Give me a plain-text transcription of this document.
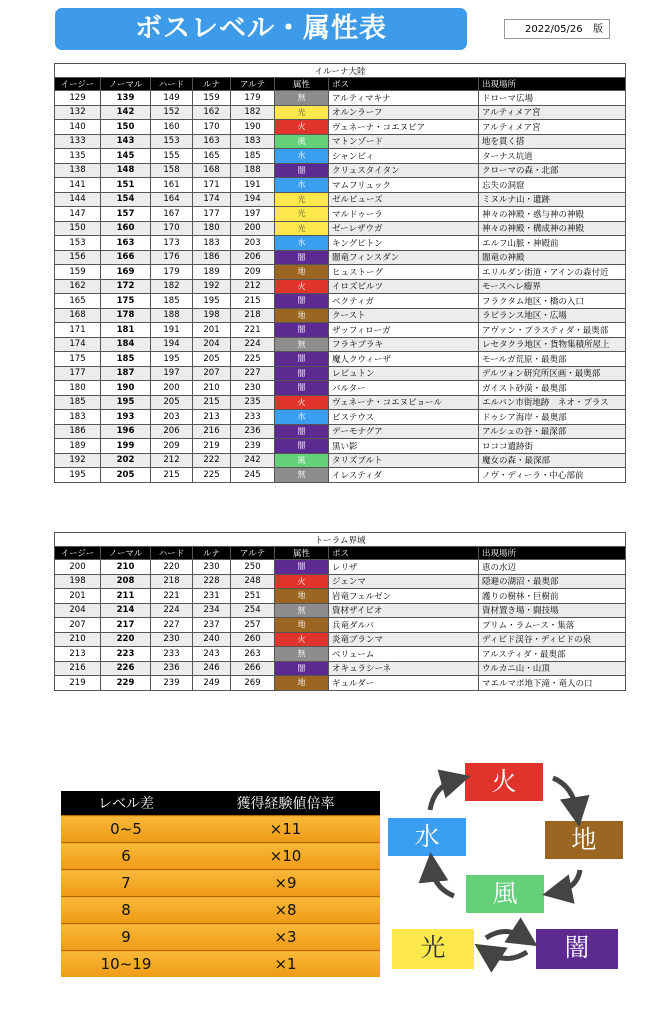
ボスレベル・属性表	2022/05/26 版
イルーナ大陸							
イージー	ノーマル	ハード	ルナ	アルテ	属性	ボス	出現場所
129	139	149	159	179	無	アルティマキナ	ドローマ広場
132	142	152	162	182	光	オルンラーフ	アルティメア宮
140	150	160	170	190	火	ヴェネーナ・コエヌビア	アルティメア宮
133	143	153	163	183	風	マトンゾード	地を貫く搭
135	145	155	165	185	水	シャンビィ	ターナス坑道
138	148	158	168	188	闇	クリュスタイタン	クローマの森・北部
141	151	161	171	191	水	マムフリュック	忘失の洞窟
144	154	164	174	194	光	ゼルビューズ	ミヌルナ山・遺跡
147	157	167	177	197	光	マルドゥーラ	神々の神殿・惑与神の神殿
150	160	170	180	200	光	ゼーレザウガ	神々の神殿・構成神の神殿
153	163	173	183	203	水	キングピトン	エルフ山脈・神殿前
156	166	176	186	206	闇	闇竜フィンスダン	闇竜の神殿
159	169	179	189	209	地	ヒュストーグ	エリルダン街道・アインの森付近
162	172	182	192	212	火	イロズビルツ	モースヘレ瘤界
165	175	185	195	215	闇	ベクティガ	フラクタム地区・橋の入口
168	178	188	198	218	地	クースト	ラビランス地区・広場
171	181	191	201	221	闇	ザッフィローガ	アヴァン・プラスティダ・最奥部
174	184	194	204	224	無	フラキブラキ	レセタクラ地区・貨物集積所屋上
175	185	195	205	225	闇	魔人クウィーザ	モールガ荒原・最奥部
177	187	197	207	227	闇	レビュトン	デルツォン研究所区画・最奥部
180	190	200	210	230	闇	バルター	ガイスト砂漠・最奥部
185	195	205	215	235	火	ヴェネーナ・コエヌビョール	エルバン市街地跡　ネオ・プラス
183	193	203	213	233	水	ピステウス	ドゥシア海岸・最奥部
186	196	206	216	236	闇	デーモナグア	アルシュの谷・最深部
189	199	209	219	239	闇	黒い影	ロココ遺跡街
192	202	212	222	242	風	タリズブルト	魔女の森・最深部
195	205	215	225	245	無	イレスティダ	ノヴ・ディーラ・中心部前
トーラム界域							
イージー	ノーマル	ハード	ルナ	アルテ	属性	ボス	出現場所
200	210	220	230	250	闇	レリザ	恵の水辺
198	208	218	228	248	火	ジェンマ	隠避の湖沼・最奥部
201	211	221	231	251	地	岩竜フェルゼン	護りの樹林・巨樹前
204	214	224	234	254	無	資材ザイビオ	資材置き場・闘技場
207	217	227	237	257	地	兵竜ダルバ	プリム・ラムース・集落
210	220	230	240	260	火	炎竜ブランマ	ディビド渓谷・ディビドの泉
213	223	233	243	263	無	ベリューム	アルスティダ・最奥部
216	226	236	246	266	闇	オキュラシーネ	ウルカニ山・山頂
219	229	239	249	269	地	ギュルダー	マエルマボ地下滝・竜人の口
レベル差	獲得経験値倍率
0~5	×11
6	×10
7	×9
8	×8
9	×3
10~19	×1
火
地
風
水
光	闇
